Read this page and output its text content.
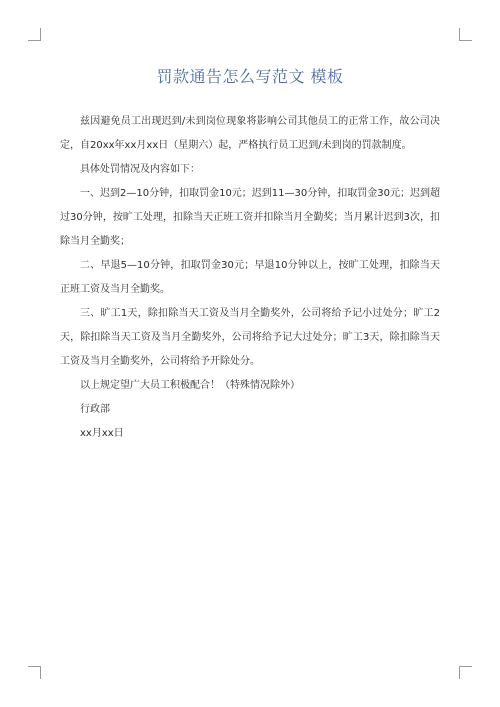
罚款通告怎么写范文 模板

兹因避免员工出现迟到/未到岗位现象将影响公司其他员工的正常工作，故公司决定，自20xx年xx月xx日（星期六）起，严格执行员工迟到/未到岗的罚款制度。

具体处罚情况及内容如下：

一、迟到2—10分钟，扣取罚金10元；迟到11—30分钟，扣取罚金30元；迟到超过30分钟，按旷工处理，扣除当天正班工资并扣除当月全勤奖；当月累计迟到3次，扣除当月全勤奖；

二、早退5—10分钟，扣取罚金30元；早退10分钟以上，按旷工处理，扣除当天正班工资及当月全勤奖。

三、旷工1天，除扣除当天工资及当月全勤奖外，公司将给予记小过处分；旷工2天，除扣除当天工资及当月全勤奖外，公司将给予记大过处分；旷工3天，除扣除当天工资及当月全勤奖外，公司将给予开除处分。

以上规定望广大员工积极配合！（特殊情况除外）

行政部

xx月xx日
